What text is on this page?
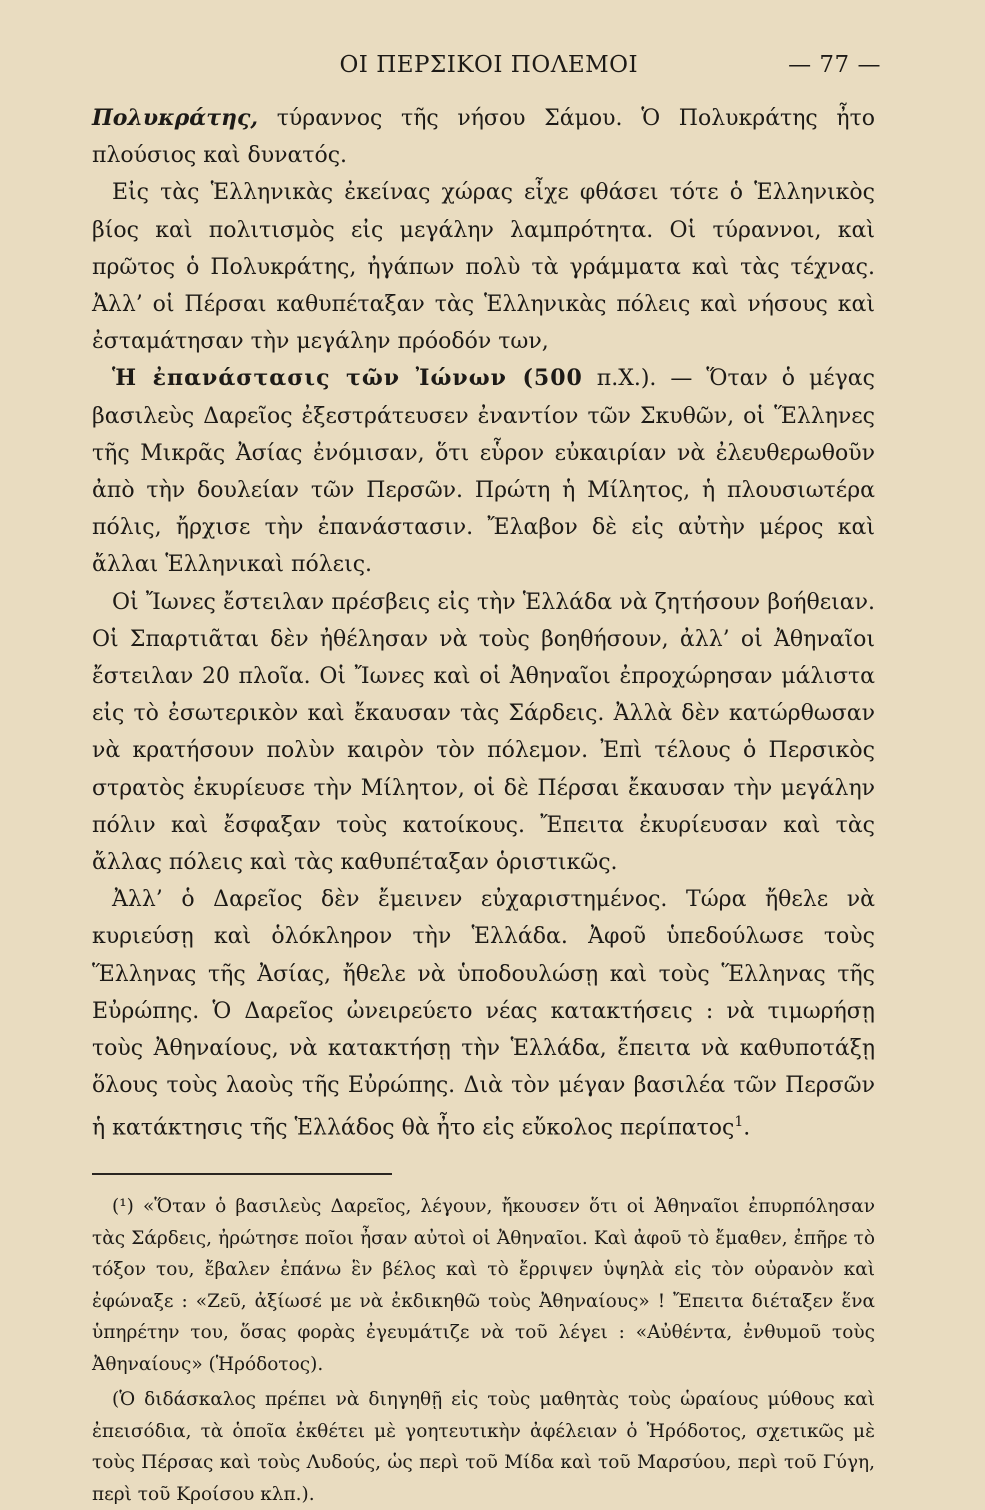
ΟΙ ΠΕΡΣΙΚΟΙ ΠΟΛΕΜΟΙ	— 77 —

Πολυκράτης, τύραννος τῆς νήσου Σάμου. Ὁ Πολυκράτης ἦτο πλούσιος καὶ δυνατός.

Εἰς τὰς Ἑλληνικὰς ἐκείνας χώρας εἶχε φθάσει τότε ὁ Ἑλληνικὸς βίος καὶ πολιτισμὸς εἰς μεγάλην λαμπρότητα. Οἱ τύραννοι, καὶ πρῶτος ὁ Πολυκράτης, ἠγάπων πολὺ τὰ γράμματα καὶ τὰς τέχνας. Ἀλλ’ οἱ Πέρσαι καθυπέταξαν τὰς Ἑλληνικὰς πόλεις καὶ νήσους καὶ ἐσταμάτησαν τὴν μεγάλην πρόοδόν των,

Ἡ ἐπανάστασις τῶν Ἰώνων (500 π.Χ.). — Ὅταν ὁ μέγας βασιλεὺς Δαρεῖος ἐξεστράτευσεν ἐναντίον τῶν Σκυθῶν, οἱ Ἕλληνες τῆς Μικρᾶς Ἀσίας ἐνόμισαν, ὅτι εὗρον εὐκαιρίαν νὰ ἐλευθερωθοῦν ἀπὸ τὴν δουλείαν τῶν Περσῶν. Πρώτη ἡ Μίλητος, ἡ πλουσιωτέρα πόλις, ἤρχισε τὴν ἐπανάστασιν. Ἔλαβον δὲ εἰς αὐτὴν μέρος καὶ ἄλλαι Ἑλληνικαὶ πόλεις.

Οἱ Ἴωνες ἔστειλαν πρέσβεις εἰς τὴν Ἑλλάδα νὰ ζητήσουν βοήθειαν. Οἱ Σπαρτιᾶται δὲν ἠθέλησαν νὰ τοὺς βοηθήσουν, ἀλλ’ οἱ Ἀθηναῖοι ἔστειλαν 20 πλοῖα. Οἱ Ἴωνες καὶ οἱ Ἀθηναῖοι ἐπροχώρησαν μάλιστα εἰς τὸ ἐσωτερικὸν καὶ ἔκαυσαν τὰς Σάρδεις. Ἀλλὰ δὲν κατώρθωσαν νὰ κρατήσουν πολὺν καιρὸν τὸν πόλεμον. Ἐπὶ τέλους ὁ Περσικὸς στρατὸς ἐκυρίευσε τὴν Μίλητον, οἱ δὲ Πέρσαι ἔκαυσαν τὴν μεγάλην πόλιν καὶ ἔσφαξαν τοὺς κατοίκους. Ἔπειτα ἐκυρίευσαν καὶ τὰς ἄλλας πόλεις καὶ τὰς καθυπέταξαν ὁριστικῶς.

Ἀλλ’ ὁ Δαρεῖος δὲν ἔμεινεν εὐχαριστημένος. Τώρα ἤθελε νὰ κυριεύσῃ καὶ ὁλόκληρον τὴν Ἑλλάδα. Ἀφοῦ ὑπεδούλωσε τοὺς Ἕλληνας τῆς Ἀσίας, ἤθελε νὰ ὑποδουλώσῃ καὶ τοὺς Ἕλληνας τῆς Εὐρώπης. Ὁ Δαρεῖος ὠνειρεύετο νέας κατακτήσεις : νὰ τιμωρήσῃ τοὺς Ἀθηναίους, νὰ κατακτήσῃ τὴν Ἑλλάδα, ἔπειτα νὰ καθυποτάξῃ ὅλους τοὺς λαοὺς τῆς Εὐρώπης. Διὰ τὸν μέγαν βασιλέα τῶν Περσῶν ἡ κατάκτησις τῆς Ἑλλάδος θὰ ἦτο εἰς εὔκολος περίπατος$^1$.

(¹) «Ὅταν ὁ βασιλεὺς Δαρεῖος, λέγουν, ἤκουσεν ὅτι οἱ Ἀθηναῖοι ἐπυρπόλησαν τὰς Σάρδεις, ἠρώτησε ποῖοι ἦσαν αὐτοὶ οἱ Ἀθηναῖοι. Καὶ ἀφοῦ τὸ ἔμαθεν, ἐπῆρε τὸ τόξον του, ἔβαλεν ἐπάνω ἓν βέλος καὶ τὸ ἔρριψεν ὑψηλὰ εἰς τὸν οὐρανὸν καὶ ἐφώναξε : «Ζεῦ, ἀξίωσέ με νὰ ἐκδικηθῶ τοὺς Ἀθηναίους» ! Ἔπειτα διέταξεν ἕνα ὑπηρέτην του, ὅσας φορὰς ἐγευμάτιζε νὰ τοῦ λέγει : «Αὐθέντα, ἐνθυμοῦ τοὺς Ἀθηναίους» (Ἡρόδοτος).

(Ὁ διδάσκαλος πρέπει νὰ διηγηθῇ εἰς τοὺς μαθητὰς τοὺς ὡραίους μύθους καὶ ἐπεισόδια, τὰ ὁποῖα ἐκθέτει μὲ γοητευτικὴν ἀφέλειαν ὁ Ἡρόδοτος, σχετικῶς μὲ τοὺς Πέρσας καὶ τοὺς Λυδούς, ὡς περὶ τοῦ Μίδα καὶ τοῦ Μαρσύου, περὶ τοῦ Γύγη, περὶ τοῦ Κροίσου κλπ.).
